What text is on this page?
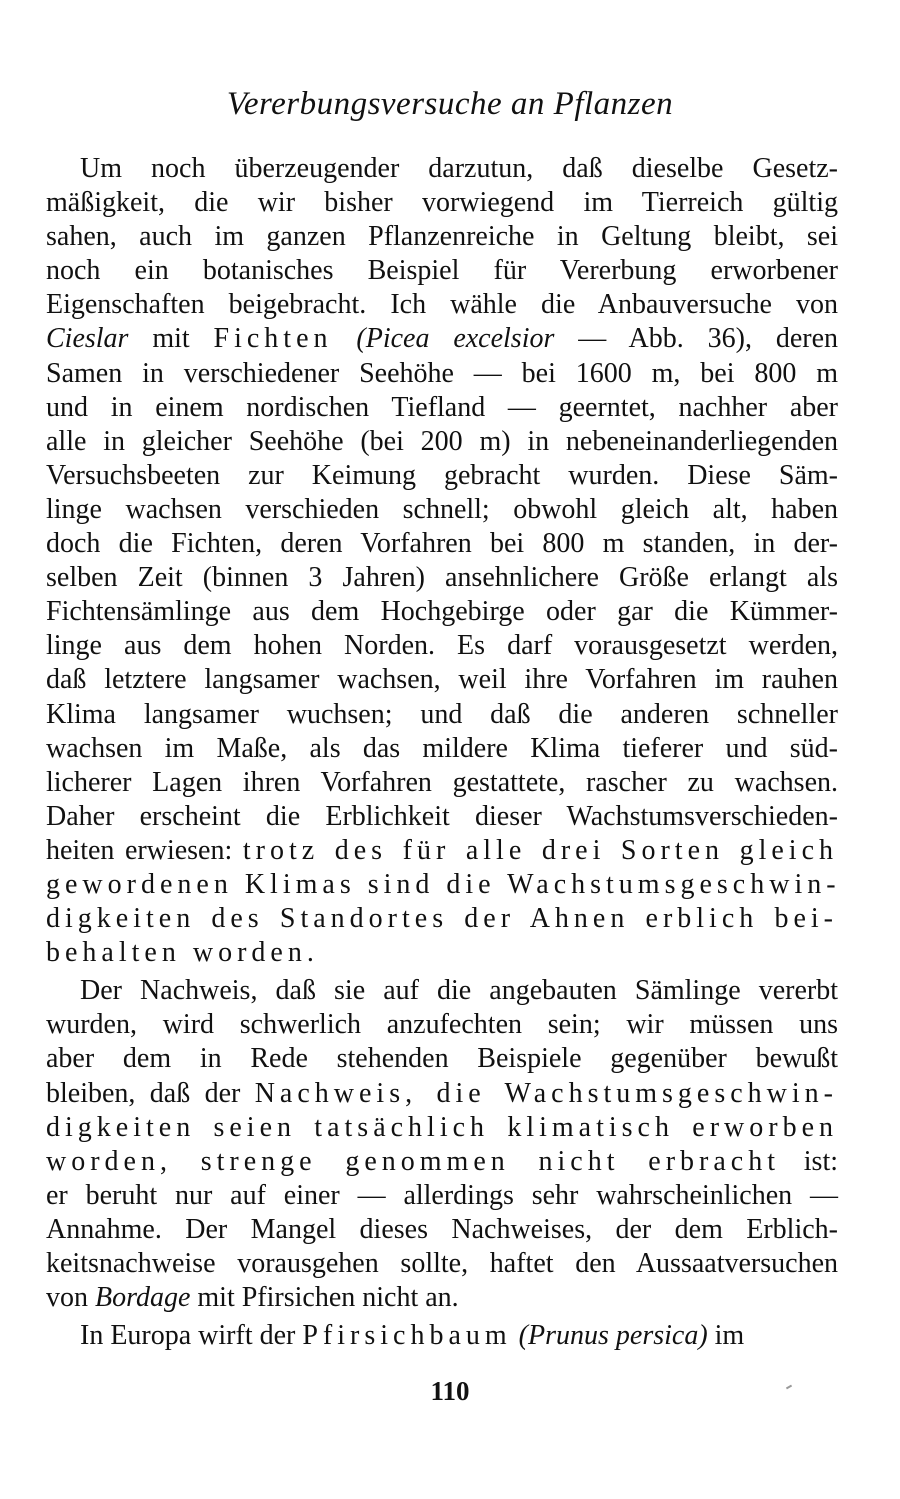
Vererbungsversuche an Pflanzen
Um noch überzeugender darzutun, daß dieselbe Gesetz-
mäßigkeit, die wir bisher vorwiegend im Tierreich gültig
sahen, auch im ganzen Pflanzenreiche in Geltung bleibt, sei
noch ein botanisches Beispiel für Vererbung erworbener
Eigenschaften beigebracht. Ich wähle die Anbauversuche von
Cieslar mit Fichten (Picea excelsior — Abb. 36), deren
Samen in verschiedener Seehöhe — bei 1600 m, bei 800 m
und in einem nordischen Tiefland — geerntet, nachher aber
alle in gleicher Seehöhe (bei 200 m) in nebeneinanderliegenden
Versuchsbeeten zur Keimung gebracht wurden. Diese Säm-
linge wachsen verschieden schnell; obwohl gleich alt, haben
doch die Fichten, deren Vorfahren bei 800 m standen, in der-
selben Zeit (binnen 3 Jahren) ansehnlichere Größe erlangt als
Fichtensämlinge aus dem Hochgebirge oder gar die Kümmer-
linge aus dem hohen Norden. Es darf vorausgesetzt werden,
daß letztere langsamer wachsen, weil ihre Vorfahren im rauhen
Klima langsamer wuchsen; und daß die anderen schneller
wachsen im Maße, als das mildere Klima tieferer und süd-
licherer Lagen ihren Vorfahren gestattete, rascher zu wachsen.
Daher erscheint die Erblichkeit dieser Wachstumsverschieden-
heiten erwiesen: trotz des für alle drei Sorten gleich
gewordenen Klimas sind die Wachstumsgeschwin-
digkeiten des Standortes der Ahnen erblich bei-
behalten worden.
Der Nachweis, daß sie auf die angebauten Sämlinge vererbt
wurden, wird schwerlich anzufechten sein; wir müssen uns
aber dem in Rede stehenden Beispiele gegenüber bewußt
bleiben, daß der Nachweis, die Wachstumsgeschwin-
digkeiten seien tatsächlich klimatisch erworben
worden, strenge genommen nicht erbracht ist:
er beruht nur auf einer — allerdings sehr wahrscheinlichen —
Annahme. Der Mangel dieses Nachweises, der dem Erblich-
keitsnachweise vorausgehen sollte, haftet den Aussaatversuchen
von Bordage mit Pfirsichen nicht an.
In Europa wirft der Pfirsichbaum (Prunus persica) im
110
